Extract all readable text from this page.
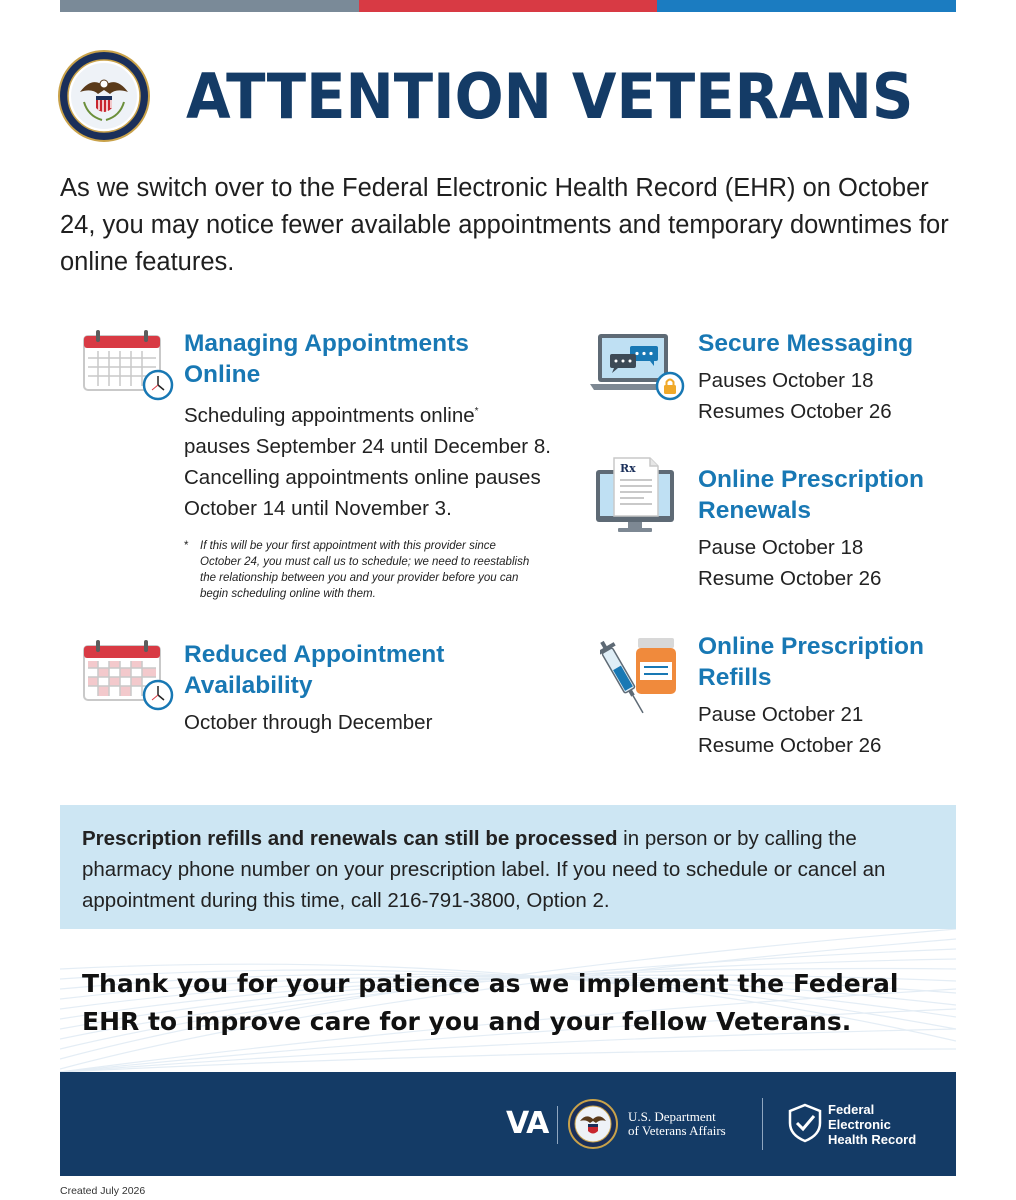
ATTENTION VETERANS
As we switch over to the Federal Electronic Health Record (EHR) on October 24, you may notice fewer available appointments and temporary downtimes for online features.
Managing Appointments
Online

Scheduling appointments online*
pauses September 24 until December 8.
Cancelling appointments online pauses
October 14 until November 3.

* If this will be your first appointment with this provider since October 24, you must call us to schedule; we need to reestablish the relationship between you and your provider before you can begin scheduling online with them.
Reduced Appointment
Availability

October through December

Secure Messaging

Pauses October 18
Resumes October 26

Rx	Online Prescription
Renewals

Pause October 18
Resume October 26

Online Prescription
Refills

Pause October 21
Resume October 26

Prescription refills and renewals can still be processed in person or by calling the pharmacy phone number on your prescription label. If you need to schedule or cancel an appointment during this time, call 216-791-3800, Option 2.
Thank you for your patience as we implement the Federal EHR to improve care for you and your fellow Veterans.
VA	U.S. Department
of Veterans Affairs
Federal
Electronic
Health Record
Created July 2026
